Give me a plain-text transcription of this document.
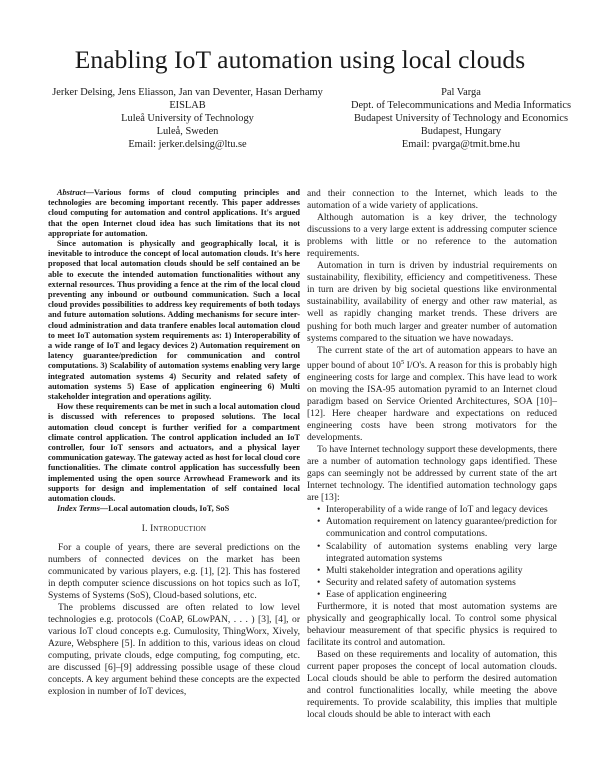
Enabling IoT automation using local clouds
Jerker Delsing, Jens Eliasson, Jan van Deventer, Hasan Derhamy
EISLAB
Luleå University of Technology
Luleå, Sweden
Email: jerker.delsing@ltu.se
Pal Varga
Dept. of Telecommunications and Media Informatics
Budapest University of Technology and Economics
Budapest, Hungary
Email: pvarga@tmit.bme.hu

Abstract—Various forms of cloud computing principles and technologies are becoming important recently. This paper addresses cloud computing for automation and control applications. It's argued that the open Internet cloud idea has such limitations that its not appropriate for automation.

Since automation is physically and geographically local, it is inevitable to introduce the concept of local automation clouds. It's here proposed that local automation clouds should be self contained an be able to execute the intended automation functionalities without any external resources. Thus providing a fence at the rim of the local cloud preventing any inbound or outbound communication. Such a local cloud provides possibilities to address key requirements of both todays and future automation solutions. Adding mechanisms for secure inter-cloud administration and data tranfere enables local automation cloud to meet IoT automation system requirements as: 1) Interoperability of a wide range of IoT and legacy devices 2) Automation requirement on latency guarantee/prediction for communication and control computations. 3) Scalability of automation systems enabling very large integrated automation systems 4) Security and related safety of automation systems 5) Ease of application engineering 6) Multi stakeholder integration and operations agility.

How these requirements can be met in such a local automation cloud is discussed with references to proposed solutions. The local automation cloud concept is further verified for a compartment climate control application. The control application included an IoT controller, four IoT sensors and actuators, and a physical layer communication gateway. The gateway acted as host for local cloud core functionalities. The climate control application has successfully been implemented using the open source Arrowhead Framework and its supports for design and implementation of self contained local automation clouds.

Index Terms—Local automation clouds, IoT, SoS

I. Introduction

For a couple of years, there are several predictions on the numbers of connected devices on the market has been communicated by various players, e.g. [1], [2]. This has fostered in depth computer science discussions on hot topics such as IoT, Systems of Systems (SoS), Cloud-based solutions, etc.

The problems discussed are often related to low level technologies e.g. protocols (CoAP, 6LowPAN, . . . ) [3], [4], or various IoT cloud concepts e.g. Cumulosity, ThingWorx, Xively, Azure, Websphere [5]. In addition to this, various ideas on cloud computing, private clouds, edge computing, fog computing, etc. are discussed [6]–[9] addressing possible usage of these cloud concepts. A key argument behind these concepts are the expected explosion in number of IoT devices,

and their connection to the Internet, which leads to the automation of a wide variety of applications.

Although automation is a key driver, the technology discussions to a very large extent is addressing computer science problems with little or no reference to the automation requirements.

Automation in turn is driven by industrial requirements on sustainability, flexibility, efficiency and competitiveness. These in turn are driven by big societal questions like environmental sustainability, availability of energy and other raw material, as well as rapidly changing market trends. These drivers are pushing for both much larger and greater number of automation systems compared to the situation we have nowadays.

The current state of the art of automation appears to have an upper bound of about $10^5$ I/O's. A reason for this is probably high engineering costs for large and complex. This have lead to work on moving the ISA-95 automation pyramid to an Internet cloud paradigm based on Service Oriented Architectures, SOA [10]–[12]. Here cheaper hardware and expectations on reduced engineering costs have been strong motivators for the developments.

To have Internet technology support these developments, there are a number of automation technology gaps identified. These gaps can seemingly not be addressed by current state of the art Internet technology. The identified automation technology gaps are [13]:

• Interoperability of a wide range of IoT and legacy devices
• Automation requirement on latency guarantee/prediction for communication and control computations.
• Scalability of automation systems enabling very large integrated automation systems
• Multi stakeholder integration and operations agility
• Security and related safety of automation systems
• Ease of application engineering

Furthermore, it is noted that most automation systems are physically and geographically local. To control some physical behaviour measurement of that specific physics is required to facilitate its control and automation.

Based on these requirements and locality of automation, this current paper proposes the concept of local automation clouds. Local clouds should be able to perform the desired automation and control functionalities locally, while meeting the above requirements. To provide scalability, this implies that multiple local clouds should be able to interact with each
